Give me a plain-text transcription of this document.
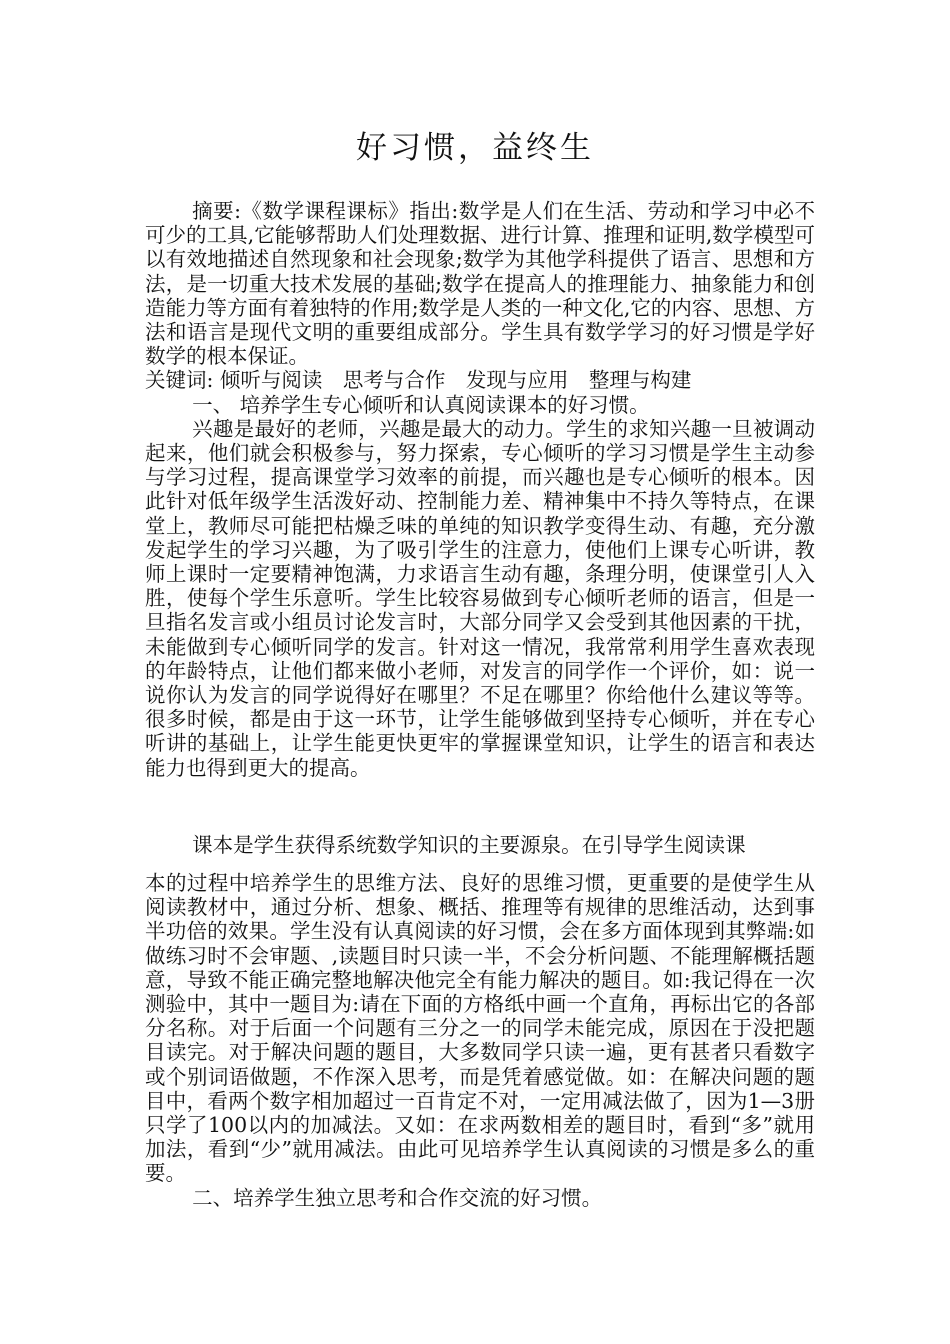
好习惯，益终生

摘要:《数学课程课标》指出:数学是人们在生活、劳动和学习中必不可少的工具,它能够帮助人们处理数据、进行计算、推理和证明,数学模型可以有效地描述自然现象和社会现象;数学为其他学科提供了语言、思想和方法，是一切重大技术发展的基础;数学在提高人的推理能力、抽象能力和创造能力等方面有着独特的作用;数学是人类的一种文化,它的内容、思想、方法和语言是现代文明的重要组成部分。学生具有数学学习的好习惯是学好数学的根本保证。

关键词: 倾听与阅读　思考与合作　发现与应用　整理与构建

一、 培养学生专心倾听和认真阅读课本的好习惯。

兴趣是最好的老师，兴趣是最大的动力。学生的求知兴趣一旦被调动起来，他们就会积极参与，努力探索，专心倾听的学习习惯是学生主动参与学习过程，提高课堂学习效率的前提，而兴趣也是专心倾听的根本。因此针对低年级学生活泼好动、控制能力差、精神集中不持久等特点，在课堂上，教师尽可能把枯燥乏味的单纯的知识教学变得生动、有趣，充分激发起学生的学习兴趣，为了吸引学生的注意力，使他们上课专心听讲，教师上课时一定要精神饱满，力求语言生动有趣，条理分明，使课堂引人入胜，使每个学生乐意听。学生比较容易做到专心倾听老师的语言，但是一旦指名发言或小组员讨论发言时，大部分同学又会受到其他因素的干扰，未能做到专心倾听同学的发言。针对这一情况，我常常利用学生喜欢表现的年龄特点，让他们都来做小老师，对发言的同学作一个评价，如：说一说你认为发言的同学说得好在哪里？不足在哪里？你给他什么建议等等。很多时候，都是由于这一环节，让学生能够做到坚持专心倾听，并在专心听讲的基础上，让学生能更快更牢的掌握课堂知识，让学生的语言和表达能力也得到更大的提高。

课本是学生获得系统数学知识的主要源泉。在引导学生阅读课

本的过程中培养学生的思维方法、良好的思维习惯，更重要的是使学生从阅读教材中，通过分析、想象、概括、推理等有规律的思维活动，达到事半功倍的效果。学生没有认真阅读的好习惯，会在多方面体现到其弊端:如做练习时不会审题、,读题目时只读一半，不会分析问题、不能理解概括题意，导致不能正确完整地解决他完全有能力解决的题目。如:我记得在一次测验中，其中一题目为:请在下面的方格纸中画一个直角，再标出它的各部分名称。对于后面一个问题有三分之一的同学未能完成，原因在于没把题目读完。对于解决问题的题目，大多数同学只读一遍，更有甚者只看数字或个别词语做题，不作深入思考，而是凭着感觉做。如：在解决问题的题目中，看两个数字相加超过一百肯定不对，一定用减法做了，因为1—3册只学了100以内的加减法。又如：在求两数相差的题目时，看到“多”就用加法，看到“少”就用减法。由此可见培养学生认真阅读的习惯是多么的重要。

二、培养学生独立思考和合作交流的好习惯。
